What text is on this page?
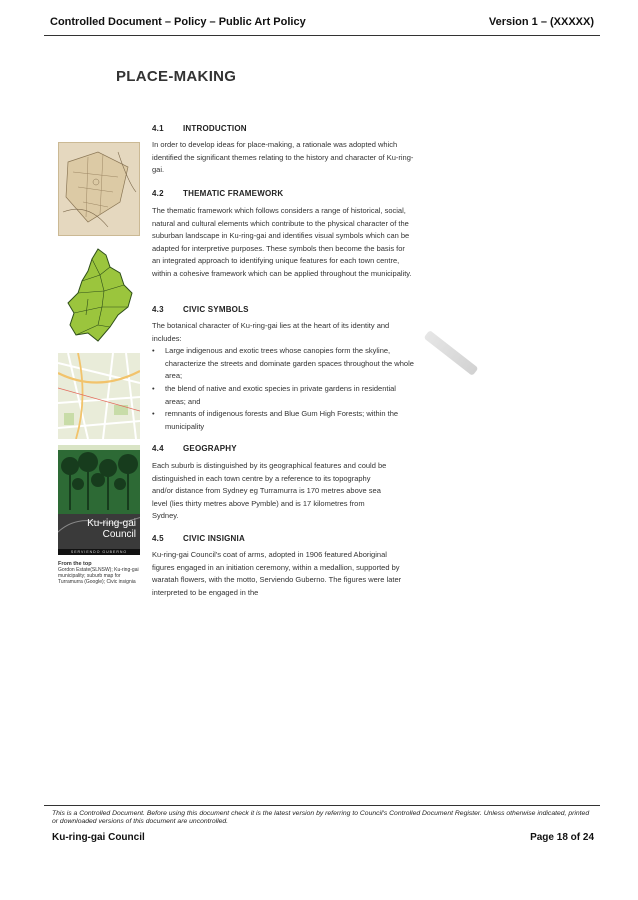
Controlled Document – Policy – Public Art Policy	Version 1 – (XXXXX)
PLACE-MAKING
4.1 INTRODUCTION
In order to develop ideas for place-making, a rationale was adopted which identified the significant themes relating to the history and character of Ku-ring-gai.
4.2 THEMATIC FRAMEWORK
The thematic framework which follows considers a range of historical, social, natural and cultural elements which contribute to the physical character of the suburban landscape in Ku-ring-gai and identifies visual symbols which can be adapted for interpretive purposes. These symbols then become the basis for an integrated approach to identifying unique features for each town centre, within a cohesive framework which can be applied throughout the municipality.
4.3 CIVIC SYMBOLS
The botanical character of Ku-ring-gai lies at the heart of its identity and includes:
• Large indigenous and exotic trees whose canopies form the skyline, characterize the streets and dominate garden spaces throughout the whole area;
• the blend of native and exotic species in private gardens in residential areas; and
• remnants of indigenous forests and Blue Gum High Forests; within the municipality
4.4 GEOGRAPHY
Each suburb is distinguished by its geographical features and could be distinguished in each town centre by a reference to its topography and/or distance from Sydney eg Turramurra is 170 metres above sea level (lies thirty metres above Pymble) and is 17 kilometres from Sydney.
4.5 CIVIC INSIGNIA
Ku-ring-gai Council's coat of arms, adopted in 1906 featured Aboriginal figures engaged in an initiation ceremony, within a medallion, supported by waratah flowers, with the motto, Serviendo Guberno. The figures were later interpreted to be engaged in the
Ku-ring-gai
Council
SERVIENDO GUBERNO
From the top
Gordon Estate(SLNSW); Ku-ring-gai municipality; suburb map for Turramurra (Google); Civic insignia
This is a Controlled Document. Before using this document check it is the latest version by referring to Council's Controlled Document Register. Unless otherwise indicated, printed or downloaded versions of this document are uncontrolled.
Ku-ring-gai Council	Page 18 of 24
